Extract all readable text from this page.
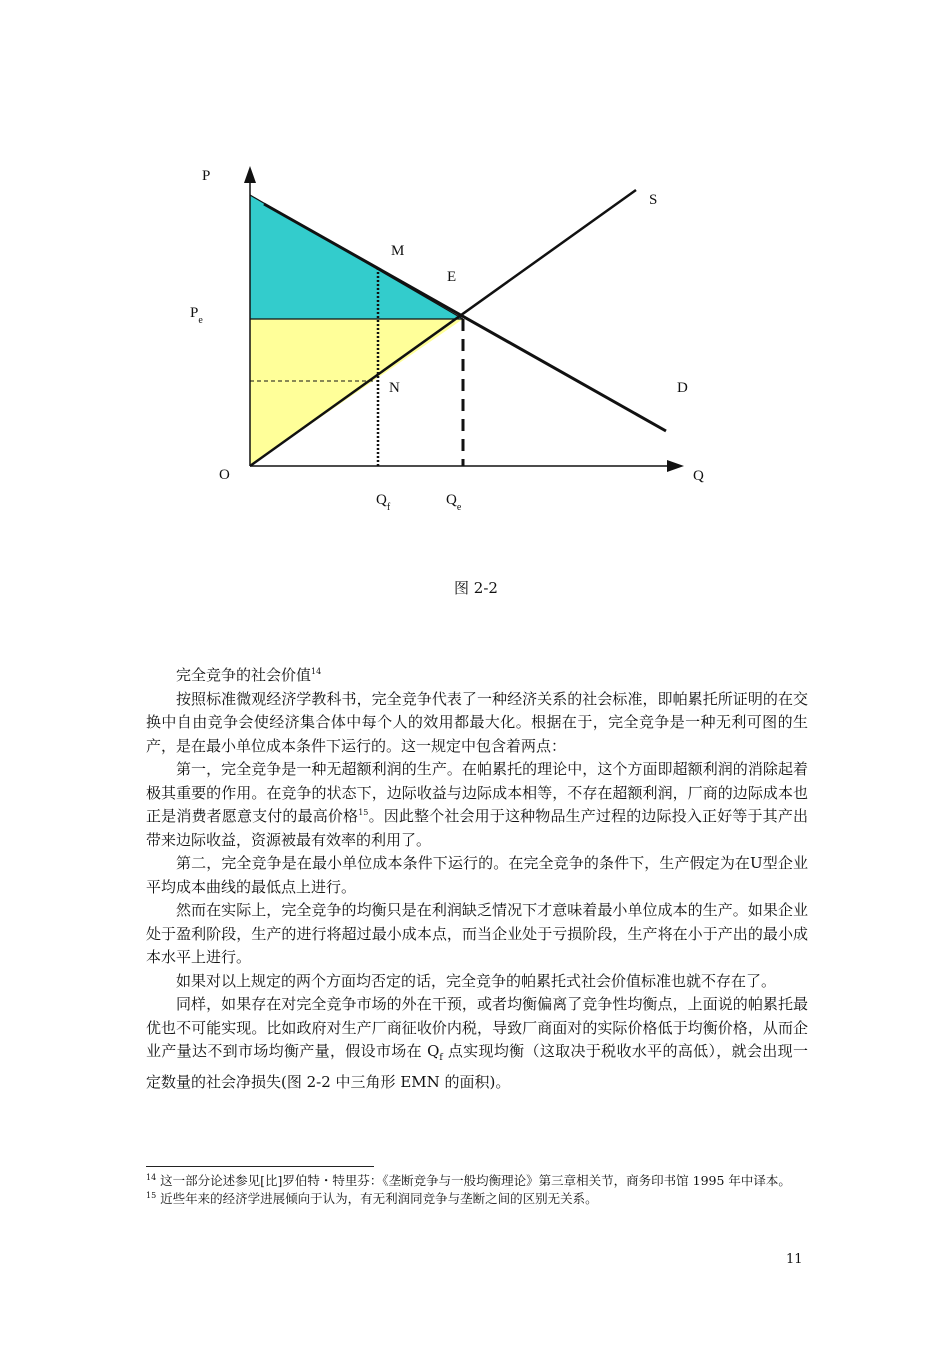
P
$P_e$
O	Q
S
D
M
E
N
$Q_f$	$Q_e$
图 2-2

完全竞争的社会价值$^{14}$

按照标准微观经济学教科书，完全竞争代表了一种经济关系的社会标准，即帕累托所证明的在交换中自由竞争会使经济集合体中每个人的效用都最大化。根据在于，完全竞争是一种无利可图的生产，是在最小单位成本条件下运行的。这一规定中包含着两点：

第一，完全竞争是一种无超额利润的生产。在帕累托的理论中，这个方面即超额利润的消除起着极其重要的作用。在竞争的状态下，边际收益与边际成本相等，不存在超额利润，厂商的边际成本也正是消费者愿意支付的最高价格$^{15}$。因此整个社会用于这种物品生产过程的边际投入正好等于其产出带来边际收益，资源被最有效率的利用了。

第二，完全竞争是在最小单位成本条件下运行的。在完全竞争的条件下，生产假定为在U型企业平均成本曲线的最低点上进行。

然而在实际上，完全竞争的均衡只是在利润缺乏情况下才意味着最小单位成本的生产。如果企业处于盈利阶段，生产的进行将超过最小成本点，而当企业处于亏损阶段，生产将在小于产出的最小成本水平上进行。

如果对以上规定的两个方面均否定的话，完全竞争的帕累托式社会价值标准也就不存在了。

同样，如果存在对完全竞争市场的外在干预，或者均衡偏离了竞争性均衡点，上面说的帕累托最优也不可能实现。比如政府对生产厂商征收价内税，导致厂商面对的实际价格低于均衡价格，从而企业产量达不到市场均衡产量，假设市场在 $Q_f$ 点实现均衡（这取决于税收水平的高低），就会出现一定数量的社会净损失(图 2-2 中三角形 EMN 的面积)。

$^{14}$ 这一部分论述参见[比]罗伯特・特里芬：《垄断竞争与一般均衡理论》第三章相关节，商务印书馆 1995 年中译本。

$^{15}$ 近些年来的经济学进展倾向于认为，有无利润同竞争与垄断之间的区别无关系。

11
